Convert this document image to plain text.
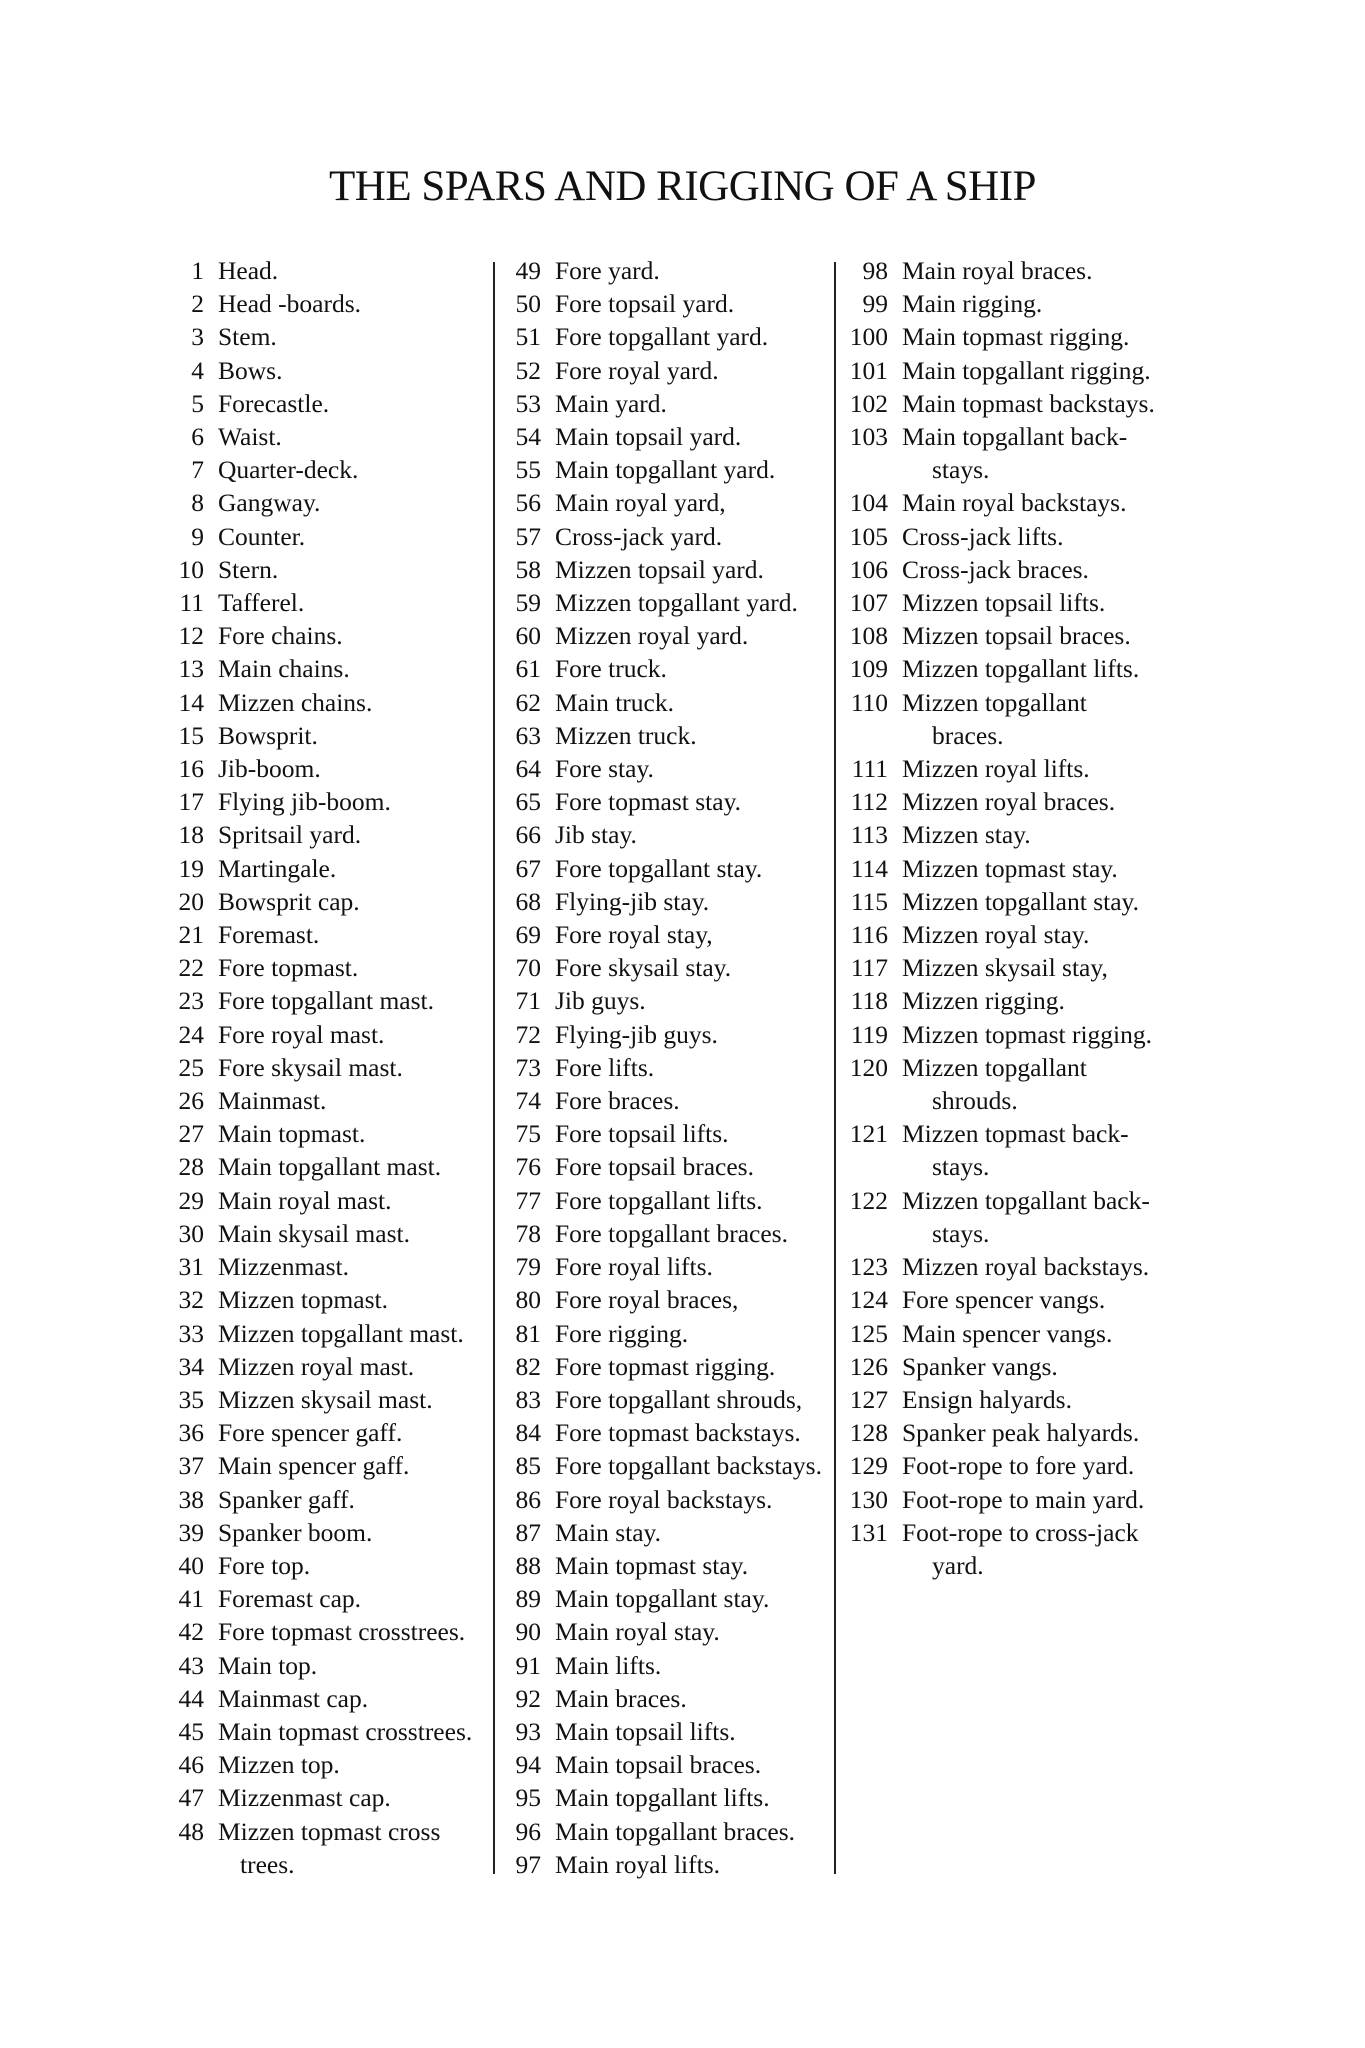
THE SPARS AND RIGGING OF A SHIP
1 Head.
2 Head -boards.
3 Stem.
4 Bows.
5 Forecastle.
6 Waist.
7 Quarter-deck.
8 Gangway.
9 Counter.
10 Stern.
11 Tafferel.
12 Fore chains.
13 Main chains.
14 Mizzen chains.
15 Bowsprit.
16 Jib-boom.
17 Flying jib-boom.
18 Spritsail yard.
19 Martingale.
20 Bowsprit cap.
21 Foremast.
22 Fore topmast.
23 Fore topgallant mast.
24 Fore royal mast.
25 Fore skysail mast.
26 Mainmast.
27 Main topmast.
28 Main topgallant mast.
29 Main royal mast.
30 Main skysail mast.
31 Mizzenmast.
32 Mizzen topmast.
33 Mizzen topgallant mast.
34 Mizzen royal mast.
35 Mizzen skysail mast.
36 Fore spencer gaff.
37 Main spencer gaff.
38 Spanker gaff.
39 Spanker boom.
40 Fore top.
41 Foremast cap.
42 Fore topmast crosstrees.
43 Main top.
44 Mainmast cap.
45 Main topmast crosstrees.
46 Mizzen top.
47 Mizzenmast cap.
48 Mizzen topmast cross
trees.
49 Fore yard.
50 Fore topsail yard.
51 Fore topgallant yard.
52 Fore royal yard.
53 Main yard.
54 Main topsail yard.
55 Main topgallant yard.
56 Main royal yard,
57 Cross-jack yard.
58 Mizzen topsail yard.
59 Mizzen topgallant yard.
60 Mizzen royal yard.
61 Fore truck.
62 Main truck.
63 Mizzen truck.
64 Fore stay.
65 Fore topmast stay.
66 Jib stay.
67 Fore topgallant stay.
68 Flying-jib stay.
69 Fore royal stay,
70 Fore skysail stay.
71 Jib guys.
72 Flying-jib guys.
73 Fore lifts.
74 Fore braces.
75 Fore topsail lifts.
76 Fore topsail braces.
77 Fore topgallant lifts.
78 Fore topgallant braces.
79 Fore royal lifts.
80 Fore royal braces,
81 Fore rigging.
82 Fore topmast rigging.
83 Fore topgallant shrouds,
84 Fore topmast backstays.
85 Fore topgallant backstays.
86 Fore royal backstays.
87 Main stay.
88 Main topmast stay.
89 Main topgallant stay.
90 Main royal stay.
91 Main lifts.
92 Main braces.
93 Main topsail lifts.
94 Main topsail braces.
95 Main topgallant lifts.
96 Main topgallant braces.
97 Main royal lifts.
98 Main royal braces.
99 Main rigging.
100 Main topmast rigging.
101 Main topgallant rigging.
102 Main topmast backstays.
103 Main topgallant back-
stays.
104 Main royal backstays.
105 Cross-jack lifts.
106 Cross-jack braces.
107 Mizzen topsail lifts.
108 Mizzen topsail braces.
109 Mizzen topgallant lifts.
110 Mizzen topgallant
braces.
111 Mizzen royal lifts.
112 Mizzen royal braces.
113 Mizzen stay.
114 Mizzen topmast stay.
115 Mizzen topgallant stay.
116 Mizzen royal stay.
117 Mizzen skysail stay,
118 Mizzen rigging.
119 Mizzen topmast rigging.
120 Mizzen topgallant
shrouds.
121 Mizzen topmast back-
stays.
122 Mizzen topgallant back-
stays.
123 Mizzen royal backstays.
124 Fore spencer vangs.
125 Main spencer vangs.
126 Spanker vangs.
127 Ensign halyards.
128 Spanker peak halyards.
129 Foot-rope to fore yard.
130 Foot-rope to main yard.
131 Foot-rope to cross-jack
yard.
